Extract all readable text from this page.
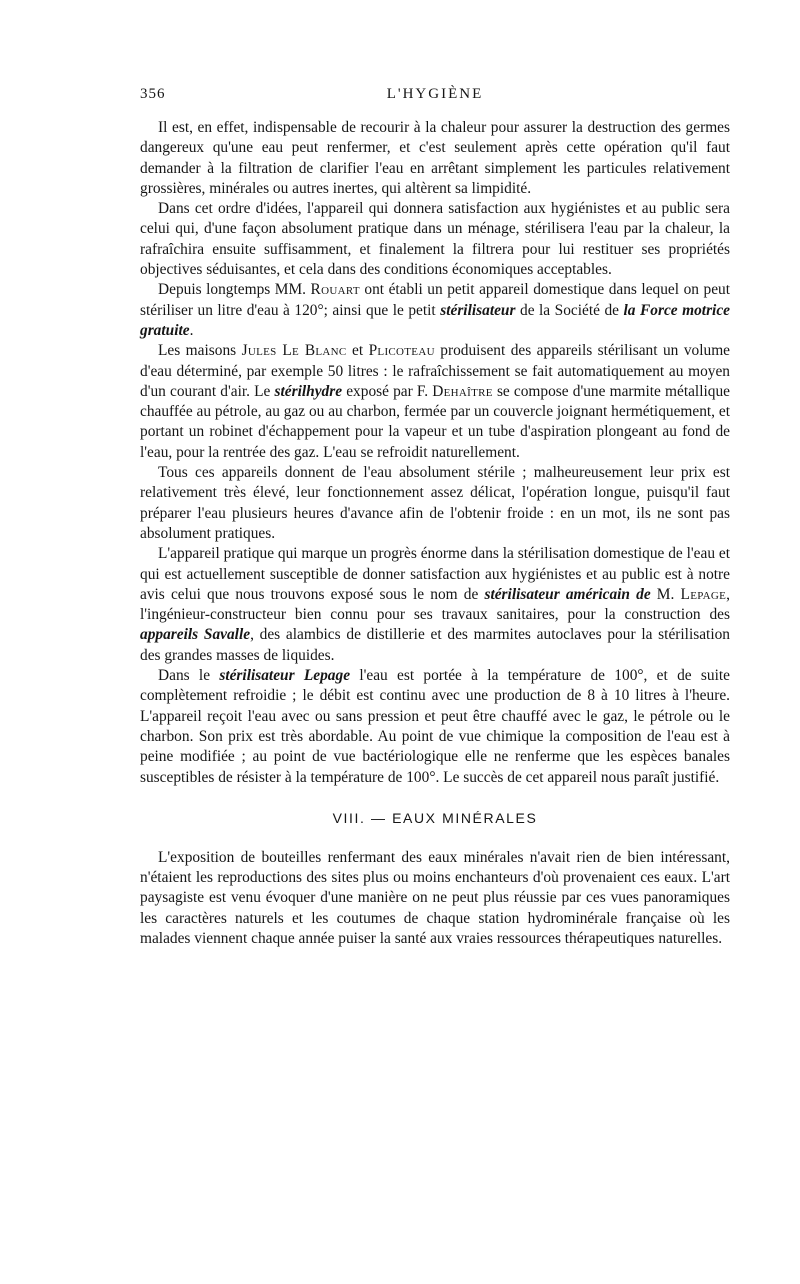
356	L'HYGIÈNE

Il est, en effet, indispensable de recourir à la chaleur pour assurer la destruction des germes dangereux qu'une eau peut renfermer, et c'est seulement après cette opération qu'il faut demander à la filtration de clarifier l'eau en arrêtant simplement les particules relativement grossières, minérales ou autres inertes, qui altèrent sa limpidité.

Dans cet ordre d'idées, l'appareil qui donnera satisfaction aux hygiénistes et au public sera celui qui, d'une façon absolument pratique dans un ménage, stérilisera l'eau par la chaleur, la rafraîchira ensuite suffisamment, et finalement la filtrera pour lui restituer ses propriétés objectives séduisantes, et cela dans des conditions économiques acceptables.

Depuis longtemps MM. Rouart ont établi un petit appareil domestique dans lequel on peut stériliser un litre d'eau à 120°; ainsi que le petit stérilisateur de la Société de la Force motrice gratuite.

Les maisons Jules Le Blanc et Plicoteau produisent des appareils stérilisant un volume d'eau déterminé, par exemple 50 litres : le rafraîchissement se fait automatiquement au moyen d'un courant d'air. Le stérilhydre exposé par F. Dehaître se compose d'une marmite métallique chauffée au pétrole, au gaz ou au charbon, fermée par un couvercle joignant hermétiquement, et portant un robinet d'échappement pour la vapeur et un tube d'aspiration plongeant au fond de l'eau, pour la rentrée des gaz. L'eau se refroidit naturellement.

Tous ces appareils donnent de l'eau absolument stérile ; malheureusement leur prix est relativement très élevé, leur fonctionnement assez délicat, l'opération longue, puisqu'il faut préparer l'eau plusieurs heures d'avance afin de l'obtenir froide : en un mot, ils ne sont pas absolument pratiques.

L'appareil pratique qui marque un progrès énorme dans la stérilisation domestique de l'eau et qui est actuellement susceptible de donner satisfaction aux hygiénistes et au public est à notre avis celui que nous trouvons exposé sous le nom de stérilisateur américain de M. Lepage, l'ingénieur-constructeur bien connu pour ses travaux sanitaires, pour la construction des appareils Savalle, des alambics de distillerie et des marmites autoclaves pour la stérilisation des grandes masses de liquides.

Dans le stérilisateur Lepage l'eau est portée à la température de 100°, et de suite complètement refroidie ; le débit est continu avec une production de 8 à 10 litres à l'heure. L'appareil reçoit l'eau avec ou sans pression et peut être chauffé avec le gaz, le pétrole ou le charbon. Son prix est très abordable. Au point de vue chimique la composition de l'eau est à peine modifiée ; au point de vue bactériologique elle ne renferme que les espèces banales susceptibles de résister à la température de 100°. Le succès de cet appareil nous paraît justifié.

VIII. — EAUX MINÉRALES

L'exposition de bouteilles renfermant des eaux minérales n'avait rien de bien intéressant, n'étaient les reproductions des sites plus ou moins enchanteurs d'où provenaient ces eaux. L'art paysagiste est venu évoquer d'une manière on ne peut plus réussie par ces vues panoramiques les caractères naturels et les coutumes de chaque station hydrominérale française où les malades viennent chaque année puiser la santé aux vraies ressources thérapeutiques naturelles.
